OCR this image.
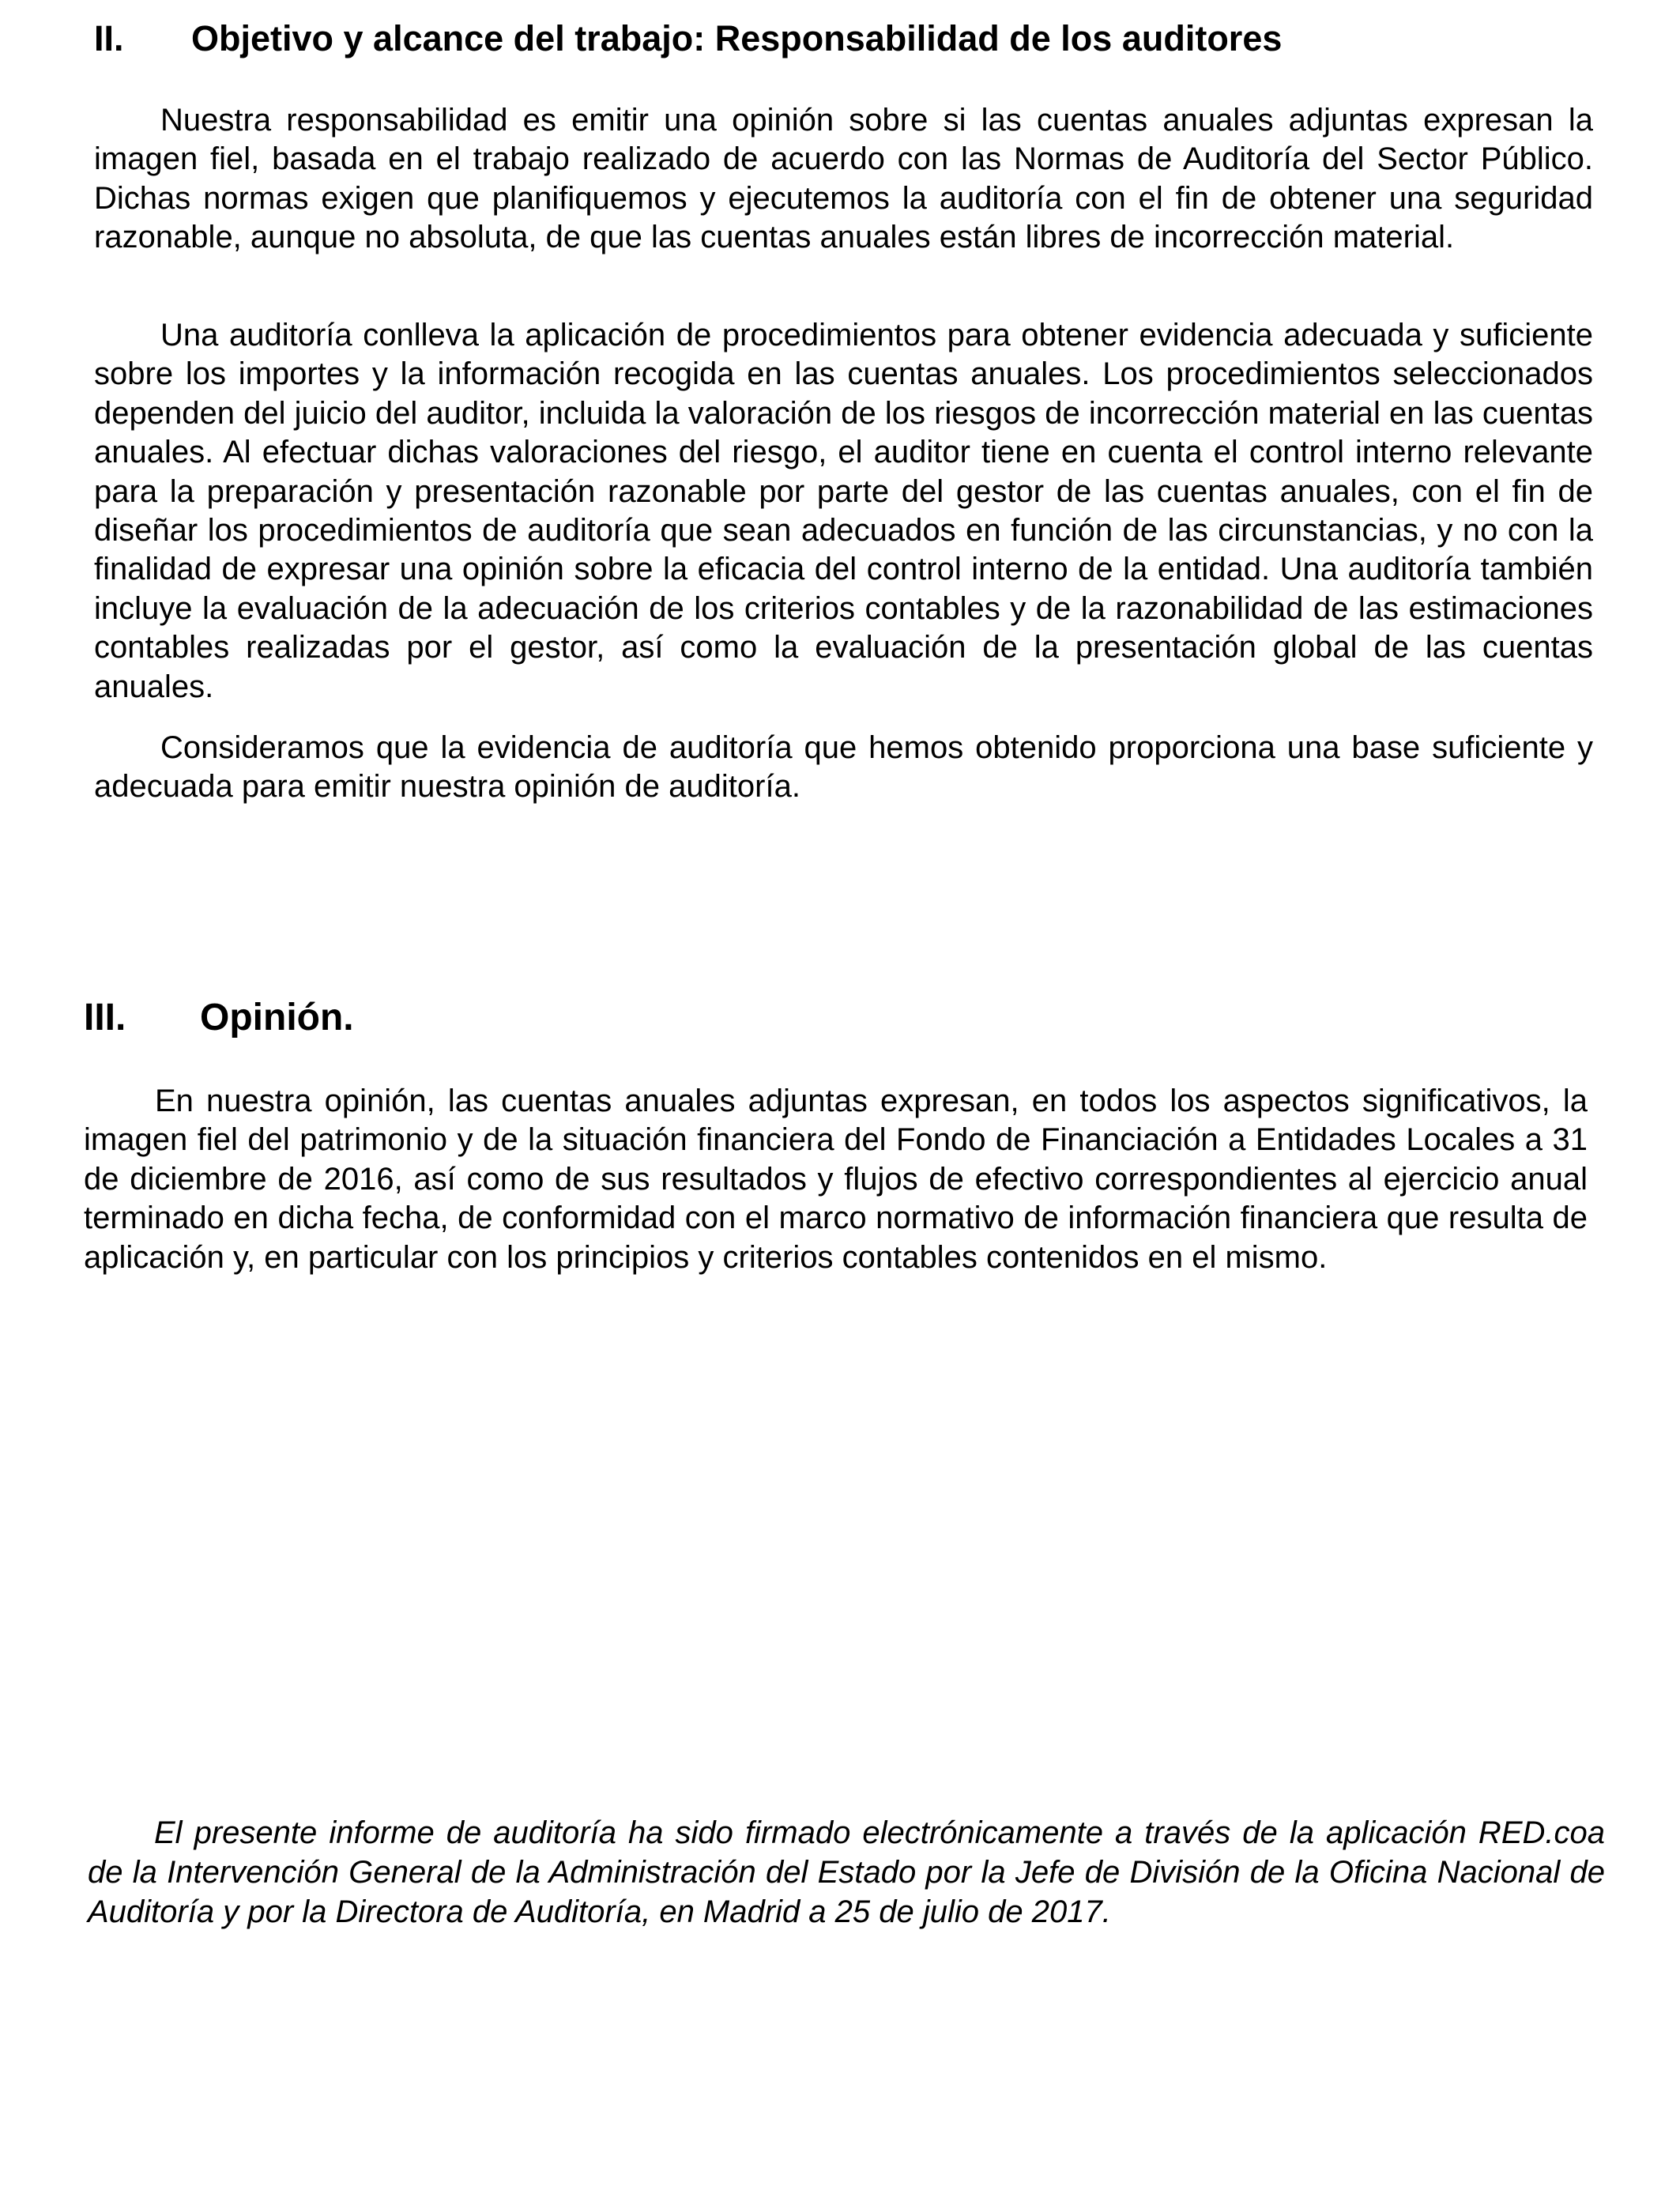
II. Objetivo y alcance del trabajo: Responsabilidad de los auditores

Nuestra responsabilidad es emitir una opinión sobre si las cuentas anuales adjuntas expresan la imagen fiel, basada en el trabajo realizado de acuerdo con las Normas de Auditoría del Sector Público. Dichas normas exigen que planifiquemos y ejecutemos la auditoría con el fin de obtener una seguridad razonable, aunque no absoluta, de que las cuentas anuales están libres de incorrección material.

Una auditoría conlleva la aplicación de procedimientos para obtener evidencia adecuada y suficiente sobre los importes y la información recogida en las cuentas anuales. Los procedimientos seleccionados dependen del juicio del auditor, incluida la valoración de los riesgos de incorrección material en las cuentas anuales. Al efectuar dichas valoraciones del riesgo, el auditor tiene en cuenta el control interno relevante para la preparación y presentación razonable por parte del gestor de las cuentas anuales, con el fin de diseñar los procedimientos de auditoría que sean adecuados en función de las circunstancias, y no con la finalidad de expresar una opinión sobre la eficacia del control interno de la entidad. Una auditoría también incluye la evaluación de la adecuación de los criterios contables y de la razonabilidad de las estimaciones contables realizadas por el gestor, así como la evaluación de la presentación global de las cuentas anuales.

Consideramos que la evidencia de auditoría que hemos obtenido proporciona una base suficiente y adecuada para emitir nuestra opinión de auditoría.

III. Opinión.

En nuestra opinión, las cuentas anuales adjuntas expresan, en todos los aspectos significativos, la imagen fiel del patrimonio y de la situación financiera del Fondo de Financiación a Entidades Locales a 31 de diciembre de 2016, así como de sus resultados y flujos de efectivo correspondientes al ejercicio anual terminado en dicha fecha, de conformidad con el marco normativo de información financiera que resulta de aplicación y, en particular con los principios y criterios contables contenidos en el mismo.

El presente informe de auditoría ha sido firmado electrónicamente a través de la aplicación RED.coa de la Intervención General de la Administración del Estado por la Jefe de División de la Oficina Nacional de Auditoría y por la Directora de Auditoría, en Madrid a 25 de julio de 2017.
